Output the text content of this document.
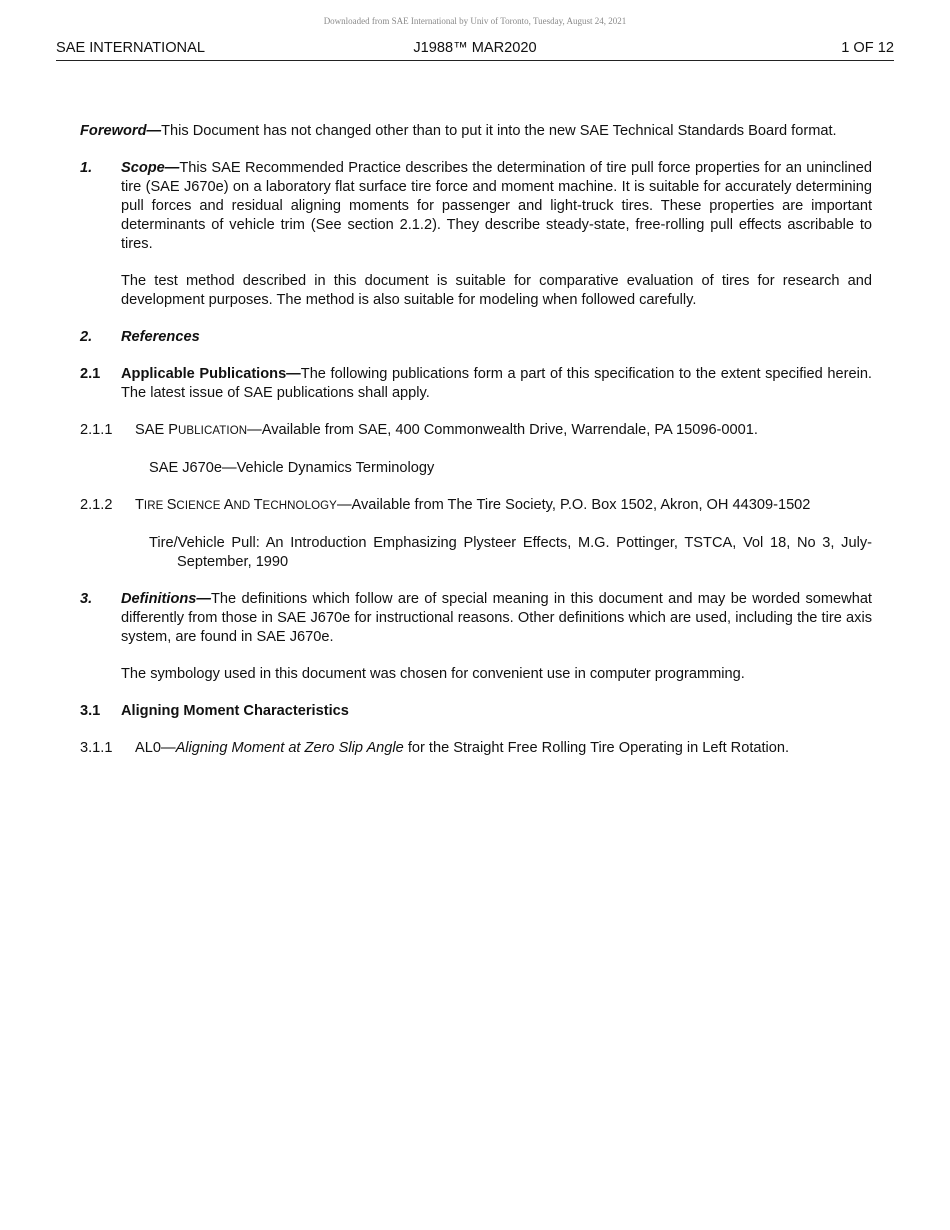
Downloaded from SAE International by Univ of Toronto, Tuesday, August 24, 2021
SAE INTERNATIONAL	J1988™ MAR2020	1 OF 12

Foreword—This Document has not changed other than to put it into the new SAE Technical Standards Board format.

1. Scope—This SAE Recommended Practice describes the determination of tire pull force properties for an uninclined tire (SAE J670e) on a laboratory flat surface tire force and moment machine. It is suitable for accurately determining pull forces and residual aligning moments for passenger and light-truck tires. These properties are important determinants of vehicle trim (See section 2.1.2). They describe steady-state, free-rolling pull effects ascribable to tires.

The test method described in this document is suitable for comparative evaluation of tires for research and development purposes. The method is also suitable for modeling when followed carefully.

2. References

2.1 Applicable Publications—The following publications form a part of this specification to the extent specified herein. The latest issue of SAE publications shall apply.

2.1.1 SAE PUBLICATION—Available from SAE, 400 Commonwealth Drive, Warrendale, PA 15096-0001.

SAE J670e—Vehicle Dynamics Terminology

2.1.2 TIRE SCIENCE AND TECHNOLOGY—Available from The Tire Society, P.O. Box 1502, Akron, OH 44309-1502

Tire/Vehicle Pull: An Introduction Emphasizing Plysteer Effects, M.G. Pottinger, TSTCA, Vol 18, No 3, July-September, 1990

3. Definitions—The definitions which follow are of special meaning in this document and may be worded somewhat differently from those in SAE J670e for instructional reasons. Other definitions which are used, including the tire axis system, are found in SAE J670e.

The symbology used in this document was chosen for convenient use in computer programming.

3.1 Aligning Moment Characteristics

3.1.1 AL0—Aligning Moment at Zero Slip Angle for the Straight Free Rolling Tire Operating in Left Rotation.
